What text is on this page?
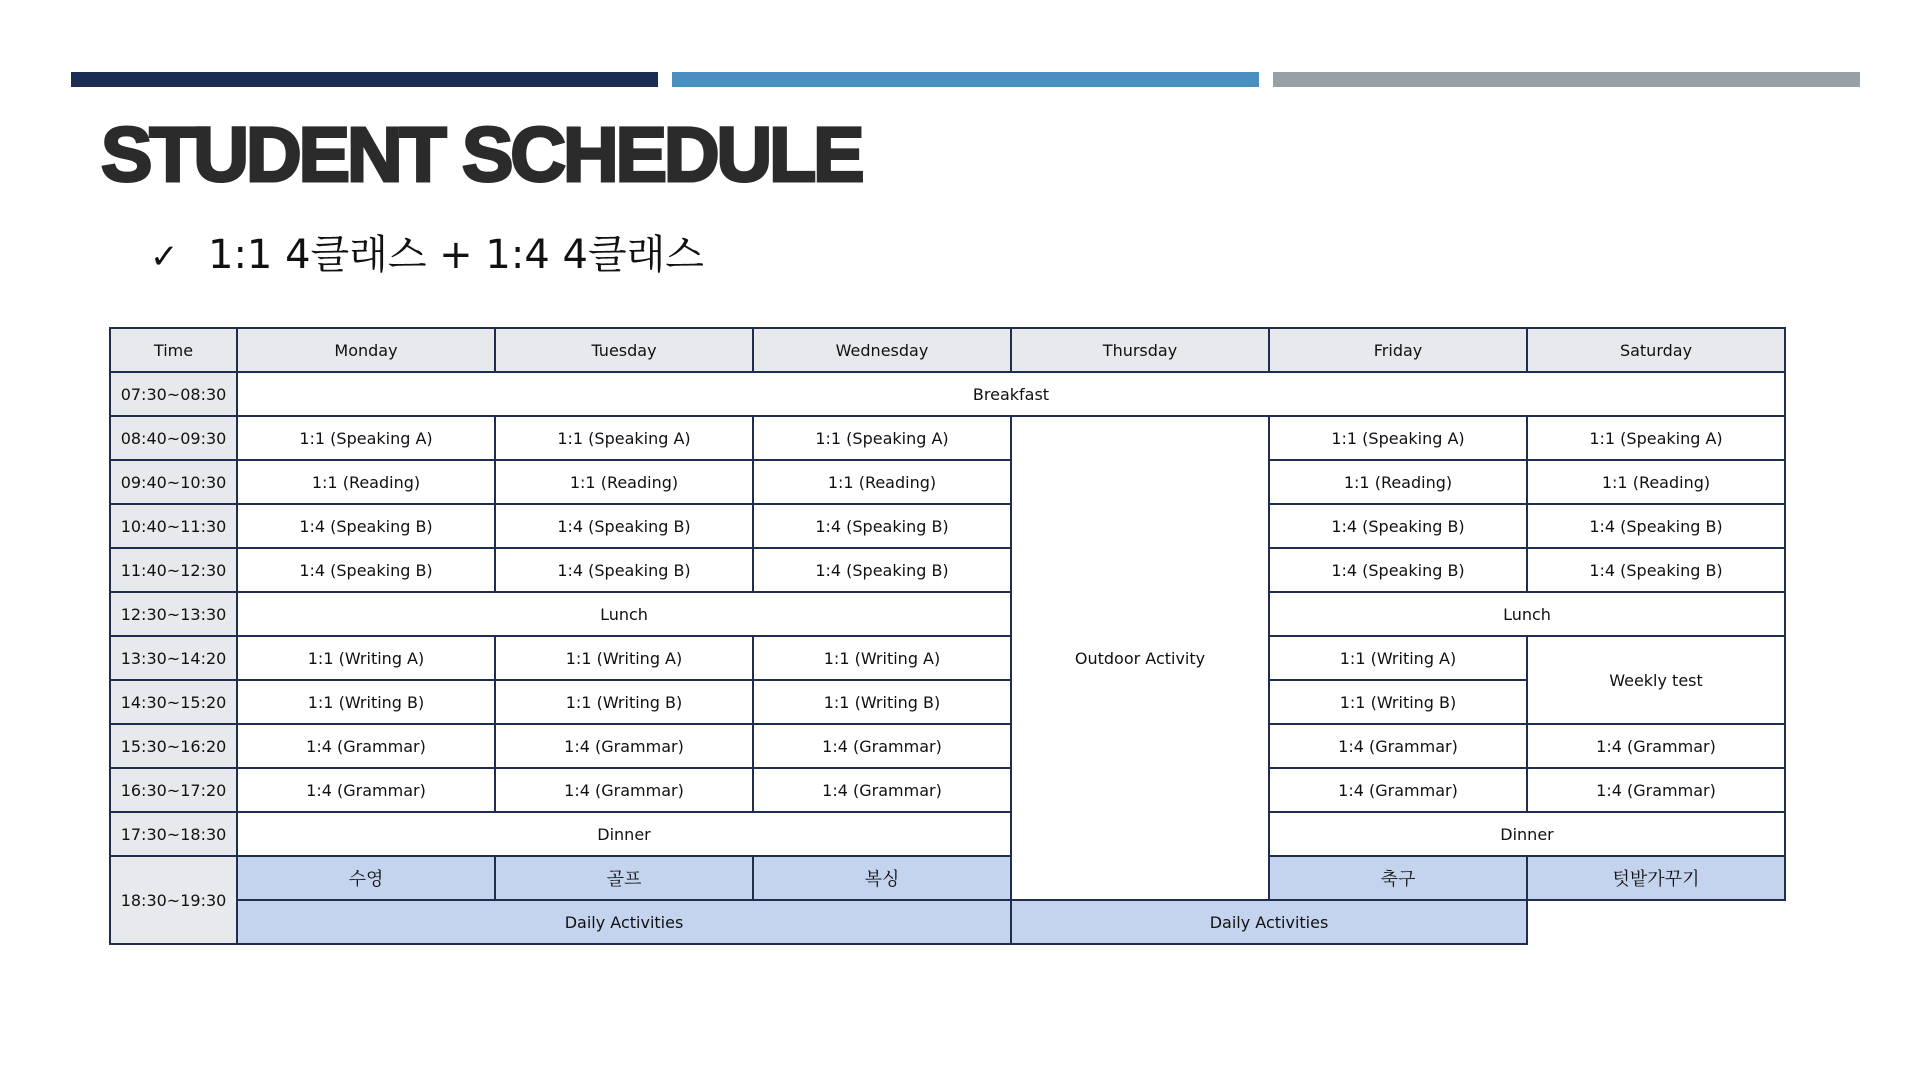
STUDENT SCHEDULE
✓ 1:1 4클래스 + 1:4 4클래스
Time	Monday	Tuesday	Wednesday	Thursday	Friday	Saturday
07:30~08:30	Breakfast					
08:40~09:30	1:1 (Speaking A)	1:1 (Speaking A)	1:1 (Speaking A)	Outdoor Activity	1:1 (Speaking A)	1:1 (Speaking A)
09:40~10:30	1:1 (Reading)	1:1 (Reading)	1:1 (Reading)		1:1 (Reading)	1:1 (Reading)
10:40~11:30	1:4 (Speaking B)	1:4 (Speaking B)	1:4 (Speaking B)		1:4 (Speaking B)	1:4 (Speaking B)
11:40~12:30	1:4 (Speaking B)	1:4 (Speaking B)	1:4 (Speaking B)		1:4 (Speaking B)	1:4 (Speaking B)
12:30~13:30	Lunch				Lunch	
13:30~14:20	1:1 (Writing A)	1:1 (Writing A)	1:1 (Writing A)		1:1 (Writing A)	Weekly test
14:30~15:20	1:1 (Writing B)	1:1 (Writing B)	1:1 (Writing B)		1:1 (Writing B)	
15:30~16:20	1:4 (Grammar)	1:4 (Grammar)	1:4 (Grammar)		1:4 (Grammar)	1:4 (Grammar)
16:30~17:20	1:4 (Grammar)	1:4 (Grammar)	1:4 (Grammar)		1:4 (Grammar)	1:4 (Grammar)
17:30~18:30	Dinner				Dinner	
18:30~19:30	수영	골프	복싱		축구	텃밭가꾸기
	Daily Activities			Daily Activities		
